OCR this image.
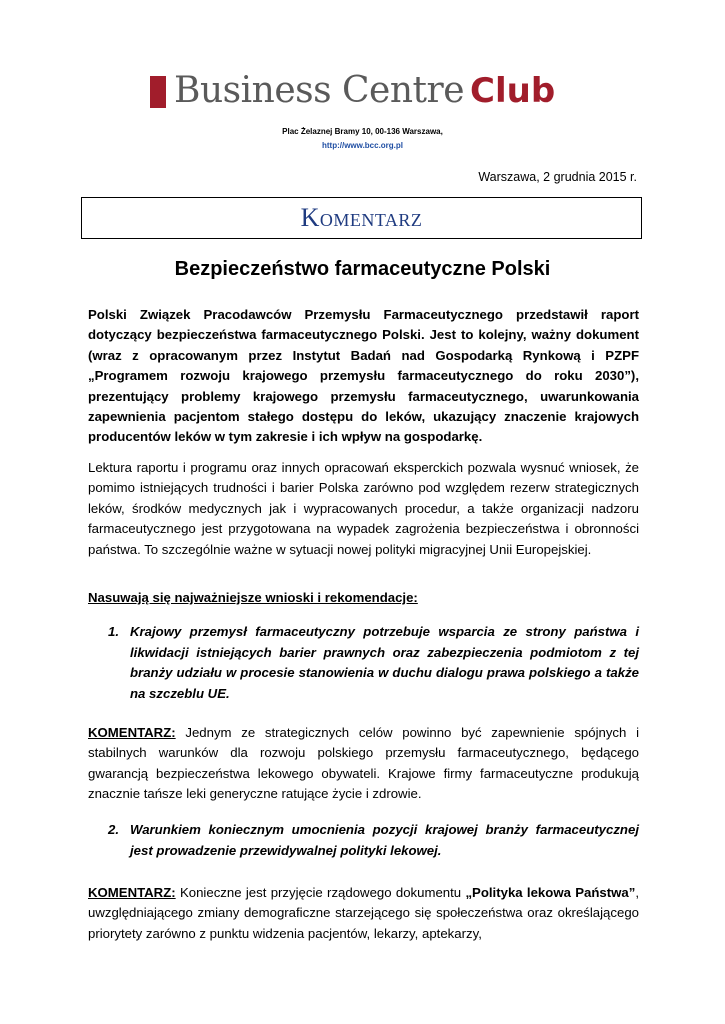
Business Centre Club
Plac Żelaznej Bramy 10, 00-136 Warszawa,
http://www.bcc.org.pl
Warszawa, 2 grudnia 2015 r.
Komentarz
Bezpieczeństwo farmaceutyczne Polski
Polski Związek Pracodawców Przemysłu Farmaceutycznego przedstawił raport dotyczący bezpieczeństwa farmaceutycznego Polski. Jest to kolejny, ważny dokument (wraz z opracowanym przez Instytut Badań nad Gospodarką Rynkową i PZPF „Programem rozwoju krajowego przemysłu farmaceutycznego do roku 2030”), prezentujący problemy krajowego przemysłu farmaceutycznego, uwarunkowania zapewnienia pacjentom stałego dostępu do leków, ukazujący znaczenie krajowych producentów leków w tym zakresie i ich wpływ na gospodarkę.
Lektura raportu i programu oraz innych opracowań eksperckich pozwala wysnuć wniosek, że pomimo istniejących trudności i barier Polska zarówno pod względem rezerw strategicznych leków, środków medycznych jak i wypracowanych procedur, a także organizacji nadzoru farmaceutycznego jest przygotowana na wypadek zagrożenia bezpieczeństwa i obronności państwa. To szczególnie ważne w sytuacji nowej polityki migracyjnej Unii Europejskiej.
Nasuwają się najważniejsze wnioski i rekomendacje:
1. Krajowy przemysł farmaceutyczny potrzebuje wsparcia ze strony państwa i likwidacji istniejących barier prawnych oraz zabezpieczenia podmiotom z tej branży udziału w procesie stanowienia w duchu dialogu prawa polskiego a także na szczeblu UE.
KOMENTARZ: Jednym ze strategicznych celów powinno być zapewnienie spójnych i stabilnych warunków dla rozwoju polskiego przemysłu farmaceutycznego, będącego gwarancją bezpieczeństwa lekowego obywateli. Krajowe firmy farmaceutyczne produkują znacznie tańsze leki generyczne ratujące życie i zdrowie.
2. Warunkiem koniecznym umocnienia pozycji krajowej branży farmaceutycznej jest prowadzenie przewidywalnej polityki lekowej.
KOMENTARZ: Konieczne jest przyjęcie rządowego dokumentu „Polityka lekowa Państwa”, uwzględniającego zmiany demograficzne starzejącego się społeczeństwa oraz określającego priorytety zarówno z punktu widzenia pacjentów, lekarzy, aptekarzy,
